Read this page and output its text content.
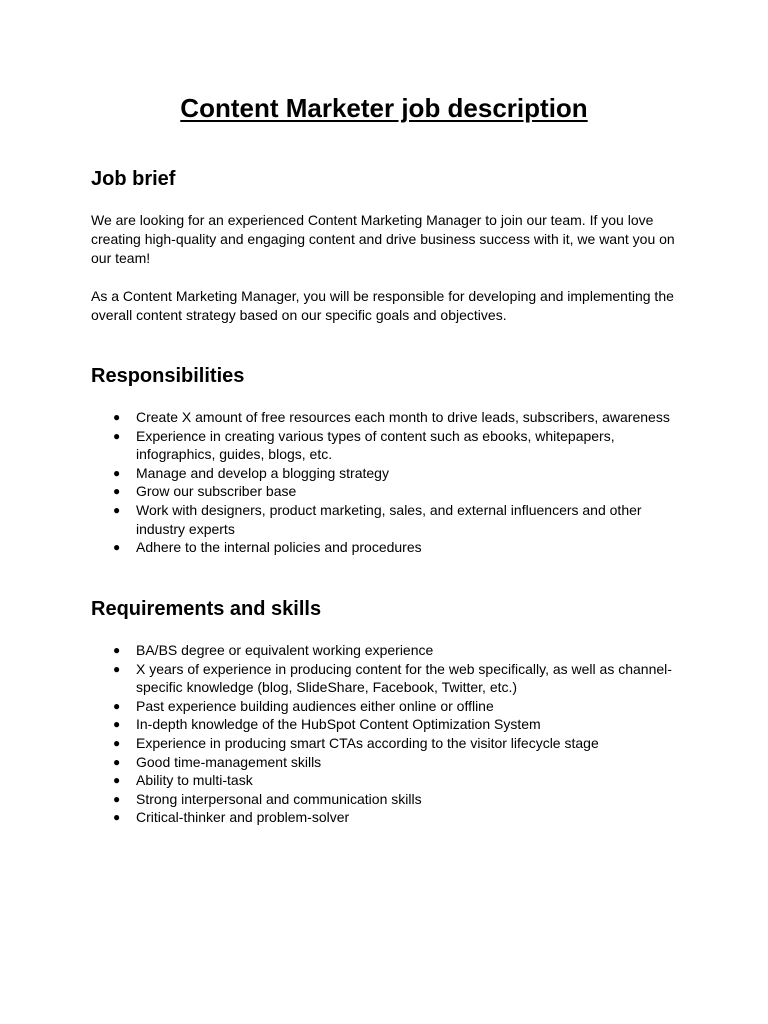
Content Marketer job description
Job brief

We are looking for an experienced Content Marketing Manager to join our team. If you love creating high-quality and engaging content and drive business success with it, we want you on our team!

As a Content Marketing Manager, you will be responsible for developing and implementing the overall content strategy based on our specific goals and objectives.

Responsibilities
● Create X amount of free resources each month to drive leads, subscribers, awareness
● Experience in creating various types of content such as ebooks, whitepapers, infographics, guides, blogs, etc.
● Manage and develop a blogging strategy
● Grow our subscriber base
● Work with designers, product marketing, sales, and external influencers and other industry experts
● Adhere to the internal policies and procedures
Requirements and skills
● BA/BS degree or equivalent working experience
● X years of experience in producing content for the web specifically, as well as channel-specific knowledge (blog, SlideShare, Facebook, Twitter, etc.)
● Past experience building audiences either online or offline
● In-depth knowledge of the HubSpot Content Optimization System
● Experience in producing smart CTAs according to the visitor lifecycle stage
● Good time-management skills
● Ability to multi-task
● Strong interpersonal and communication skills
● Critical-thinker and problem-solver
